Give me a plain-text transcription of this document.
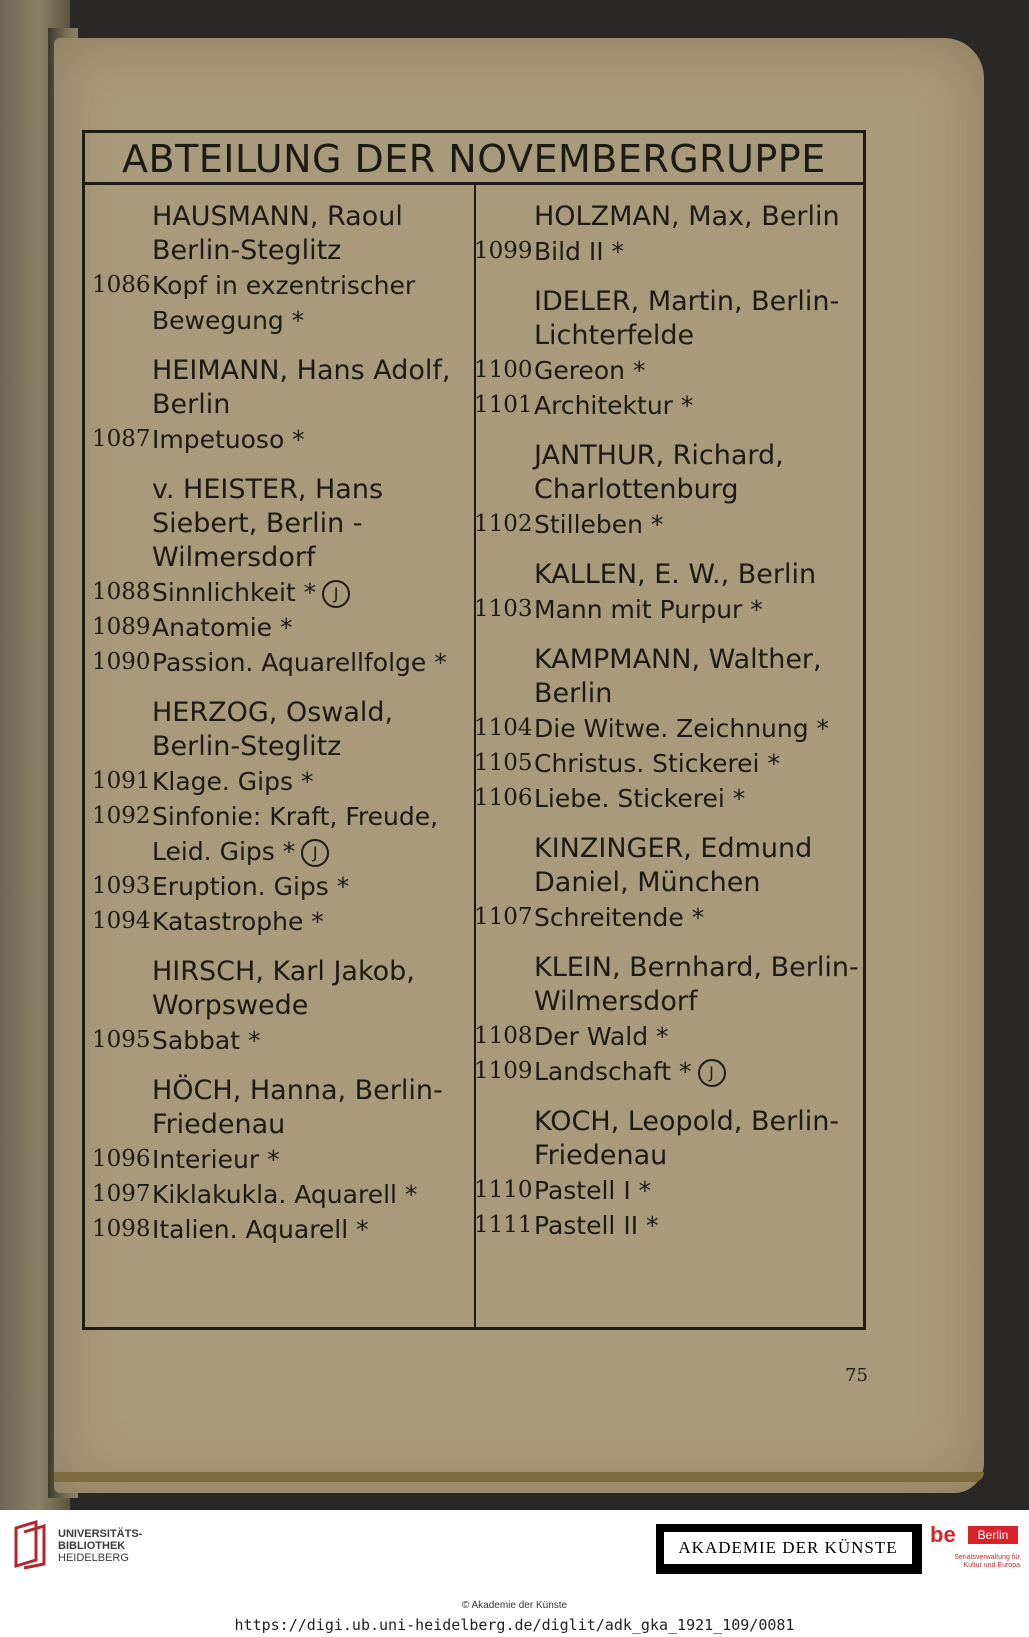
ABTEILUNG DER NOVEMBERGRUPPE
HAUSMANN, Raoul Berlin-Steglitz
1086 Kopf in exzentrischer Bewegung *
HEIMANN, Hans Adolf, Berlin
1087 Impetuoso *
v. HEISTER, Hans Siebert, Berlin - Wilmersdorf
1088 Sinnlichkeit * J
1089 Anatomie *
1090 Passion. Aquarellfolge *
HERZOG, Oswald, Berlin-Steglitz
1091 Klage. Gips *
1092 Sinfonie: Kraft, Freude, Leid. Gips * J
1093 Eruption. Gips *
1094 Katastrophe *
HIRSCH, Karl Jakob, Worpswede
1095 Sabbat *
HÖCH, Hanna, Berlin-Friedenau
1096 Interieur *
1097 Kiklakukla. Aquarell *
1098 Italien. Aquarell *
HOLZMAN, Max, Berlin
1099 Bild II *
IDELER, Martin, Berlin-Lichterfelde
1100 Gereon *
1101 Architektur *
JANTHUR, Richard, Charlottenburg
1102 Stilleben *
KALLEN, E. W., Berlin
1103 Mann mit Purpur *
KAMPMANN, Walther, Berlin
1104 Die Witwe. Zeichnung *
1105 Christus. Stickerei *
1106 Liebe. Stickerei *
KINZINGER, Edmund Daniel, München
1107 Schreitende *
KLEIN, Bernhard, Berlin-Wilmersdorf
1108 Der Wald *
1109 Landschaft * J
KOCH, Leopold, Berlin-Friedenau
1110 Pastell I *
1111 Pastell II *
75
UNIVERSITÄTS-
BIBLIOTHEK
HEIDELBERG
AKADEMIE DER KÜNSTE
be	Berlin
Senatsverwaltung für Kultur und Europa
© Akademie der Künste
https://digi.ub.uni-heidelberg.de/diglit/adk_gka_1921_109/0081
